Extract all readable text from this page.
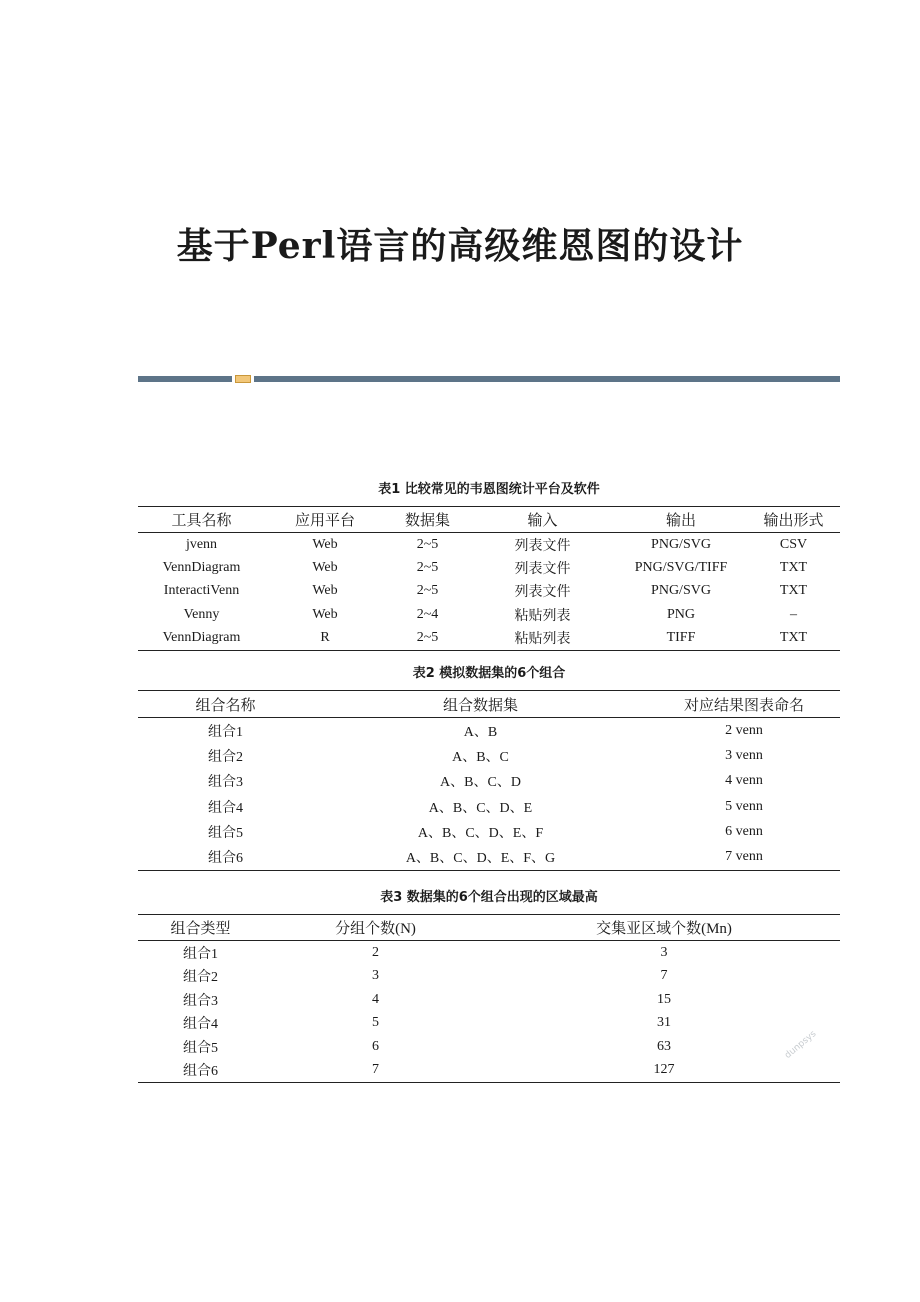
基于Perl语言的高级维恩图的设计
表1 比较常见的韦恩图统计平台及软件
工具名称	应用平台	数据集	输入	输出	输出形式
jvenn	Web	2~5	列表文件	PNG/SVG	CSV
VennDiagram	Web	2~5	列表文件	PNG/SVG/TIFF	TXT
InteractiVenn	Web	2~5	列表文件	PNG/SVG	TXT
Venny	Web	2~4	粘贴列表	PNG	–
VennDiagram	R	2~5	粘贴列表	TIFF	TXT
表2 模拟数据集的6个组合
组合名称	组合数据集	对应结果图表命名
组合1	A、B	2 venn
组合2	A、B、C	3 venn
组合3	A、B、C、D	4 venn
组合4	A、B、C、D、E	5 venn
组合5	A、B、C、D、E、F	6 venn
组合6	A、B、C、D、E、F、G	7 venn
表3 数据集的6个组合出现的区域最高
组合类型	分组个数(N)	交集亚区域个数(Mn)
组合1	2	3
组合2	3	7
组合3	4	15
组合4	5	31
组合5	6	63
组合6	7	127
dunpsys
